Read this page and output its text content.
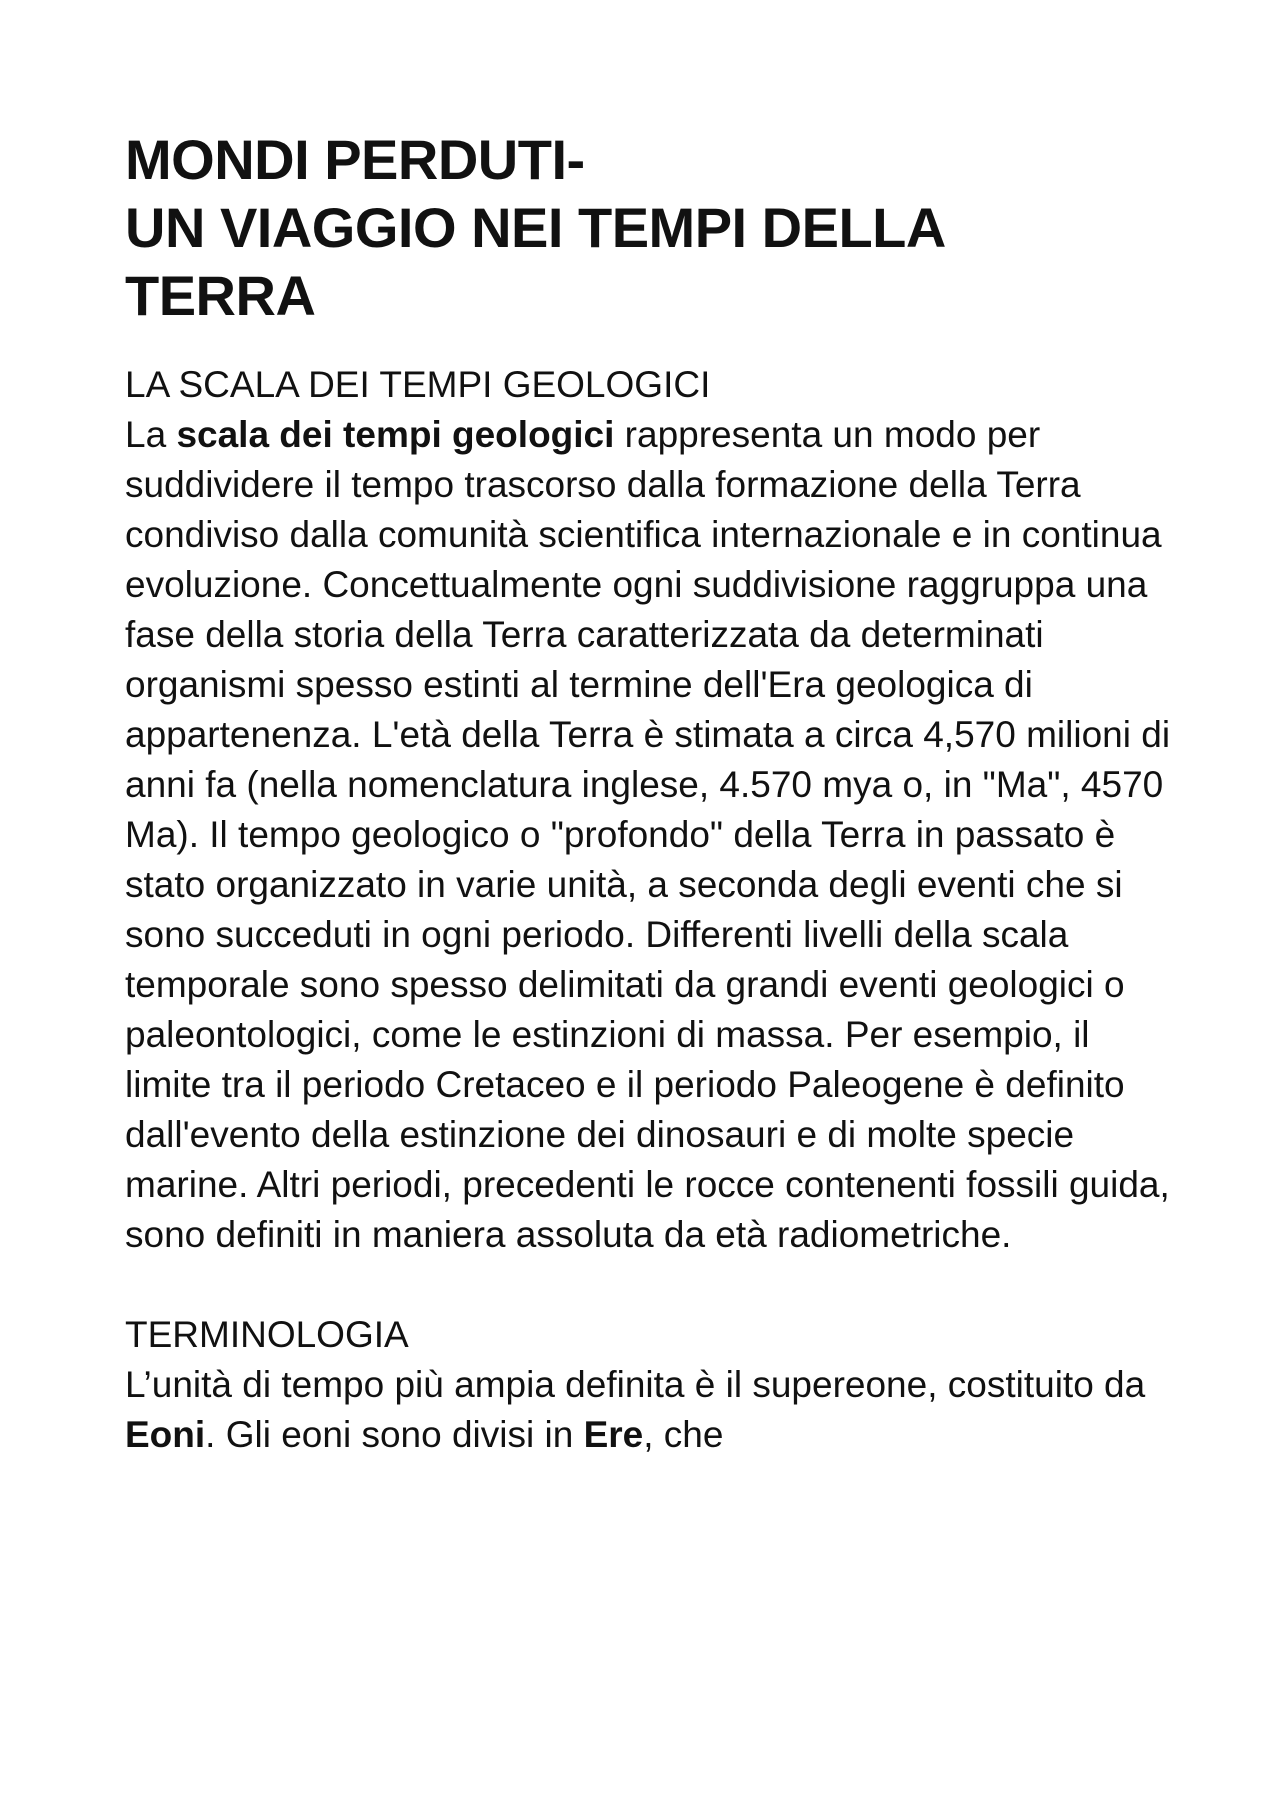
MONDI PERDUTI-
UN VIAGGIO NEI TEMPI DELLA
TERRA
LA SCALA DEI TEMPI GEOLOGICI

La scala dei tempi geologici rappresenta un modo per suddividere il tempo trascorso dalla formazione della Terra condiviso dalla comunità scientifica internazionale e in continua evoluzione. Concettualmente ogni suddivisione raggruppa una fase della storia della Terra caratterizzata da determinati organismi spesso estinti al termine dell'Era geologica di appartenenza. L'età della Terra è stimata a circa 4,570 milioni di anni fa (nella nomenclatura inglese, 4.570 mya o, in "Ma", 4570 Ma). Il tempo geologico o "profondo" della Terra in passato è stato organizzato in varie unità, a seconda degli eventi che si sono succeduti in ogni periodo. Differenti livelli della scala temporale sono spesso delimitati da grandi eventi geologici o paleontologici, come le estinzioni di massa. Per esempio, il limite tra il periodo Cretaceo e il periodo Paleogene è definito dall'evento della estinzione dei dinosauri e di molte specie marine. Altri periodi, precedenti le rocce contenenti fossili guida, sono definiti in maniera assoluta da età radiometriche.

TERMINOLOGIA

L’unità di tempo più ampia definita è il supereone, costituito da Eoni. Gli eoni sono divisi in Ere, che
